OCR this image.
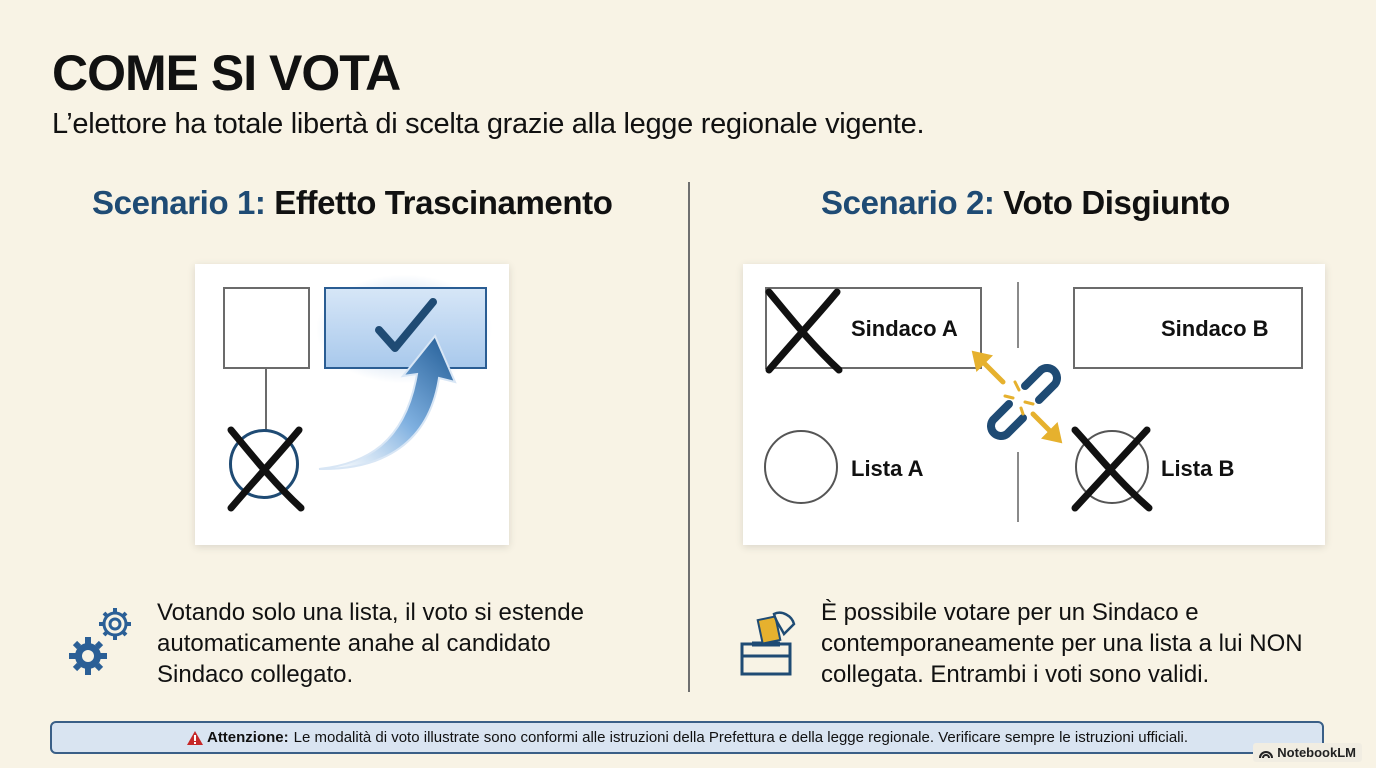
COME SI VOTA

L’elettore ha totale libertà di scelta grazie alla legge regionale vigente.

Scenario 1: Effetto Trascinamento

Votando solo una lista, il voto si estende automaticamente anahe al candidato Sindaco collegato.

Scenario 2: Voto Disgiunto
Sindaco A	Sindaco B
Lista A	Lista B

È possibile votare per un Sindaco e contemporaneamente per una lista a lui NON collegata. Entrambi i voti sono validi.

Attenzione: Le modalità di voto illustrate sono conformi alle istruzioni della Prefettura e della legge regionale. Verificare sempre le istruzioni ufficiali.
NotebookLM
